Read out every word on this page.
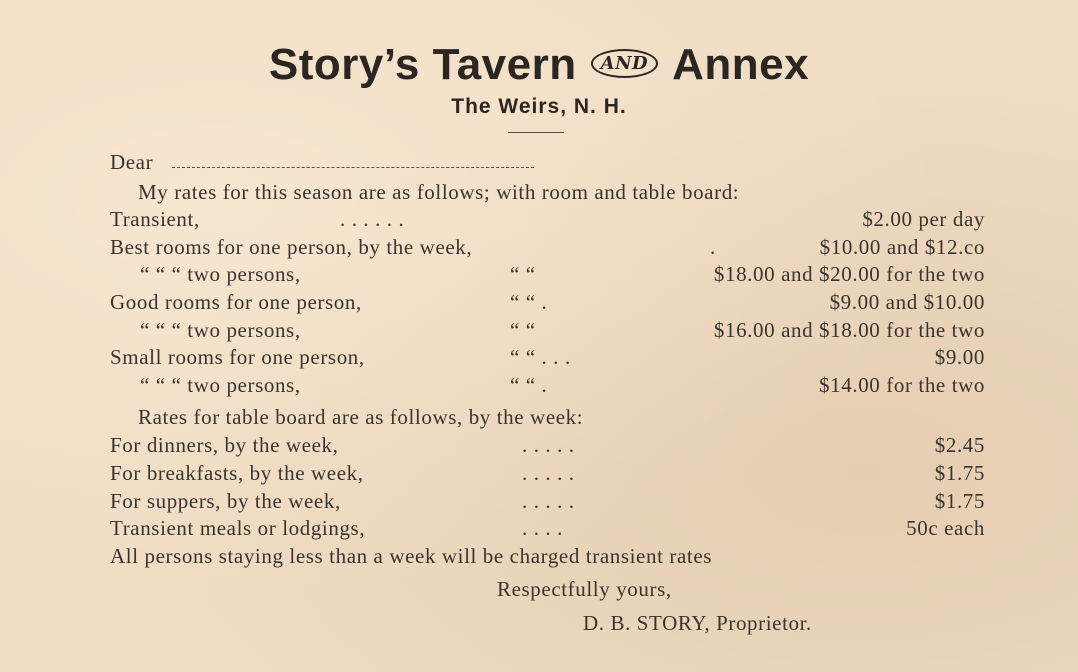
Story’s Tavern AND Annex
The Weirs, N. H.
Dear
My rates for this season are as follows; with room and table board:
Transient,	. . . . . .	$2.00 per day
Best rooms for one person, by the week,	.	$10.00 and $12.co
“ “ “ two persons,	“ “	$18.00 and $20.00 for the two
Good rooms for one person,	“ “ .	$9.00 and $10.00
“ “ “ two persons,	“ “	$16.00 and $18.00 for the two
Small rooms for one person,	“ “ . . .	$9.00
“ “ “ two persons,	“ “ .	$14.00 for the two
Rates for table board are as follows, by the week:
For dinners, by the week,	. . . . .	$2.45
For breakfasts, by the week,	. . . . .	$1.75
For suppers, by the week,	. . . . .	$1.75
Transient meals or lodgings,	. . . .	50c each
All persons staying less than a week will be charged transient rates
Respectfully yours,
D. B. STORY, Proprietor.
